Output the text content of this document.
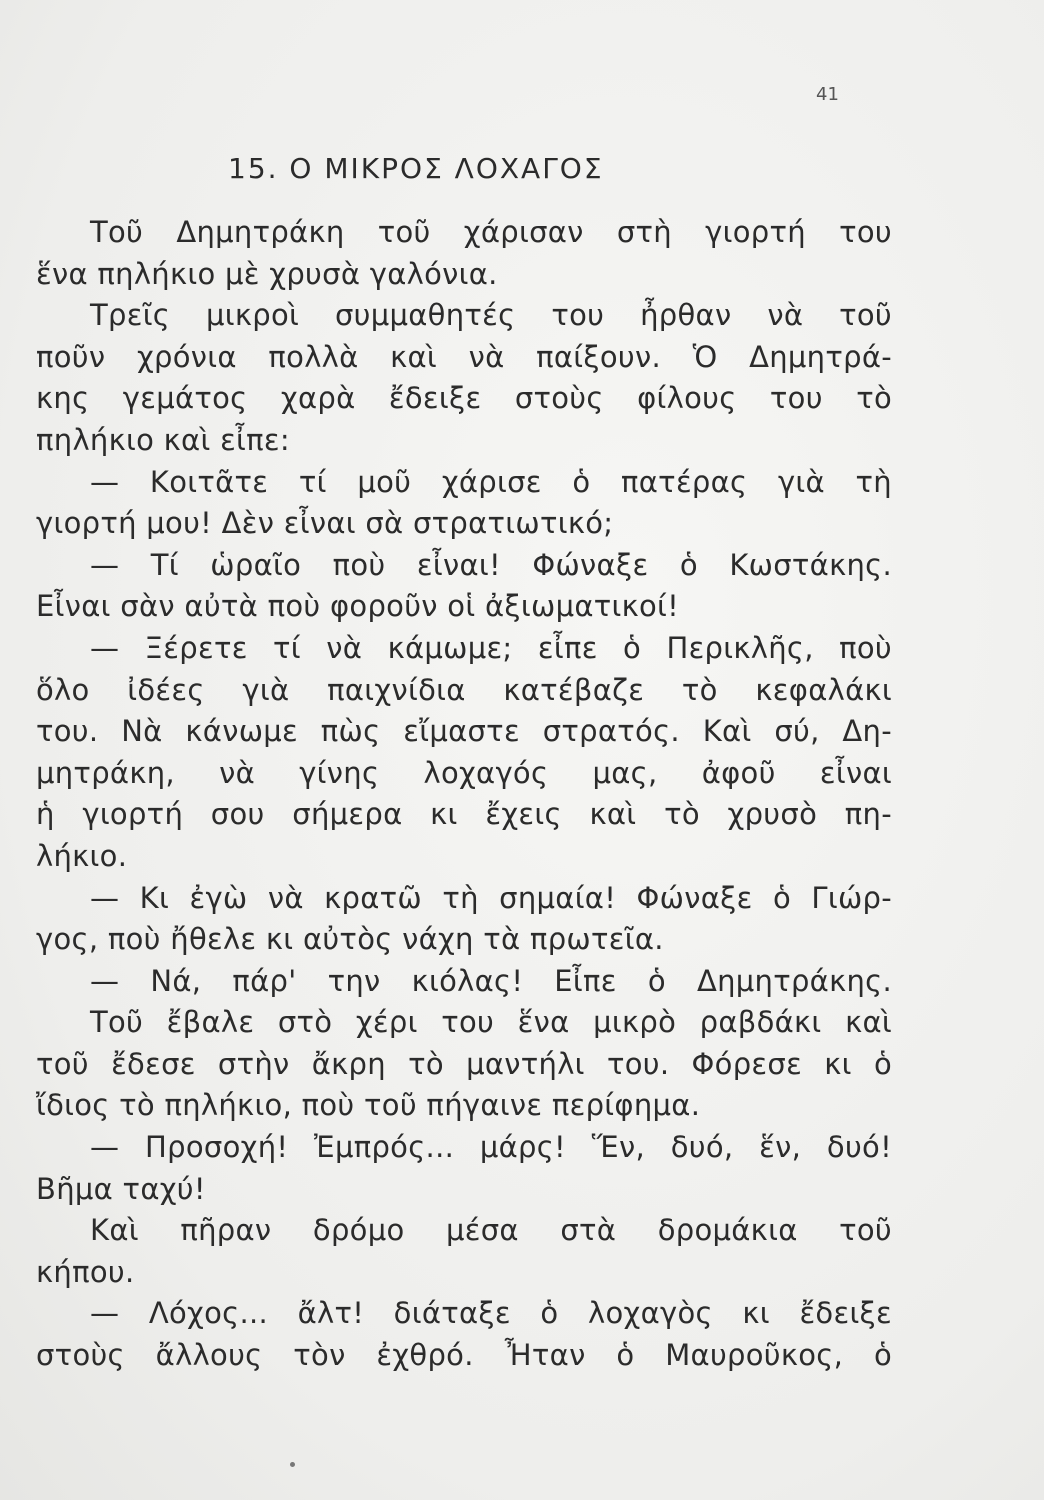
41
15. Ο ΜΙΚΡΟΣ ΛΟΧΑΓΟΣ
Τοῦ Δημητράκη τοῦ χάρισαν στὴ γιορτή του
ἕνα πηλήκιο μὲ χρυσὰ γαλόνια.
Τρεῖς μικροὶ συμμαθητές του ἦρθαν νὰ τοῦ
ποῦν χρόνια πολλὰ καὶ νὰ παίξουν. Ὁ Δημητρά-
κης γεμάτος χαρὰ ἔδειξε στοὺς φίλους του τὸ
πηλήκιο καὶ εἶπε:
— Κοιτᾶτε τί μοῦ χάρισε ὁ πατέρας γιὰ τὴ
γιορτή μου! Δὲν εἶναι σὰ στρατιωτικό;
— Τί ὡραῖο ποὺ εἶναι! Φώναξε ὁ Κωστάκης.
Εἶναι σὰν αὐτὰ ποὺ φοροῦν οἱ ἀξιωματικοί!
— Ξέρετε τί νὰ κάμωμε; εἶπε ὁ Περικλῆς, ποὺ
ὅλο ἰδέες γιὰ παιχνίδια κατέβαζε τὸ κεφαλάκι
του. Νὰ κάνωμε πὼς εἴμαστε στρατός. Καὶ σύ, Δη-
μητράκη, νὰ γίνης λοχαγός μας, ἀφοῦ εἶναι
ἡ γιορτή σου σήμερα κι ἔχεις καὶ τὸ χρυσὸ πη-
λήκιο.
— Κι ἐγὼ νὰ κρατῶ τὴ σημαία! Φώναξε ὁ Γιώρ-
γος, ποὺ ἤθελε κι αὐτὸς νάχη τὰ πρωτεῖα.
— Νά, πάρ' την κιόλας! Εἶπε ὁ Δημητράκης.
Τοῦ ἔβαλε στὸ χέρι του ἕνα μικρὸ ραβδάκι καὶ
τοῦ ἔδεσε στὴν ἄκρη τὸ μαντήλι του. Φόρεσε κι ὁ
ἴδιος τὸ πηλήκιο, ποὺ τοῦ πήγαινε περίφημα.
— Προσοχή! Ἐμπρός... μάρς! Ἕν, δυό, ἕν, δυό!
Βῆμα ταχύ!
Καὶ πῆραν δρόμο μέσα στὰ δρομάκια τοῦ
κήπου.
— Λόχος... ἄλτ! διάταξε ὁ λοχαγὸς κι ἔδειξε
στοὺς ἄλλους τὸν ἐχθρό. Ἦταν ὁ Μαυροῦκος, ὁ
